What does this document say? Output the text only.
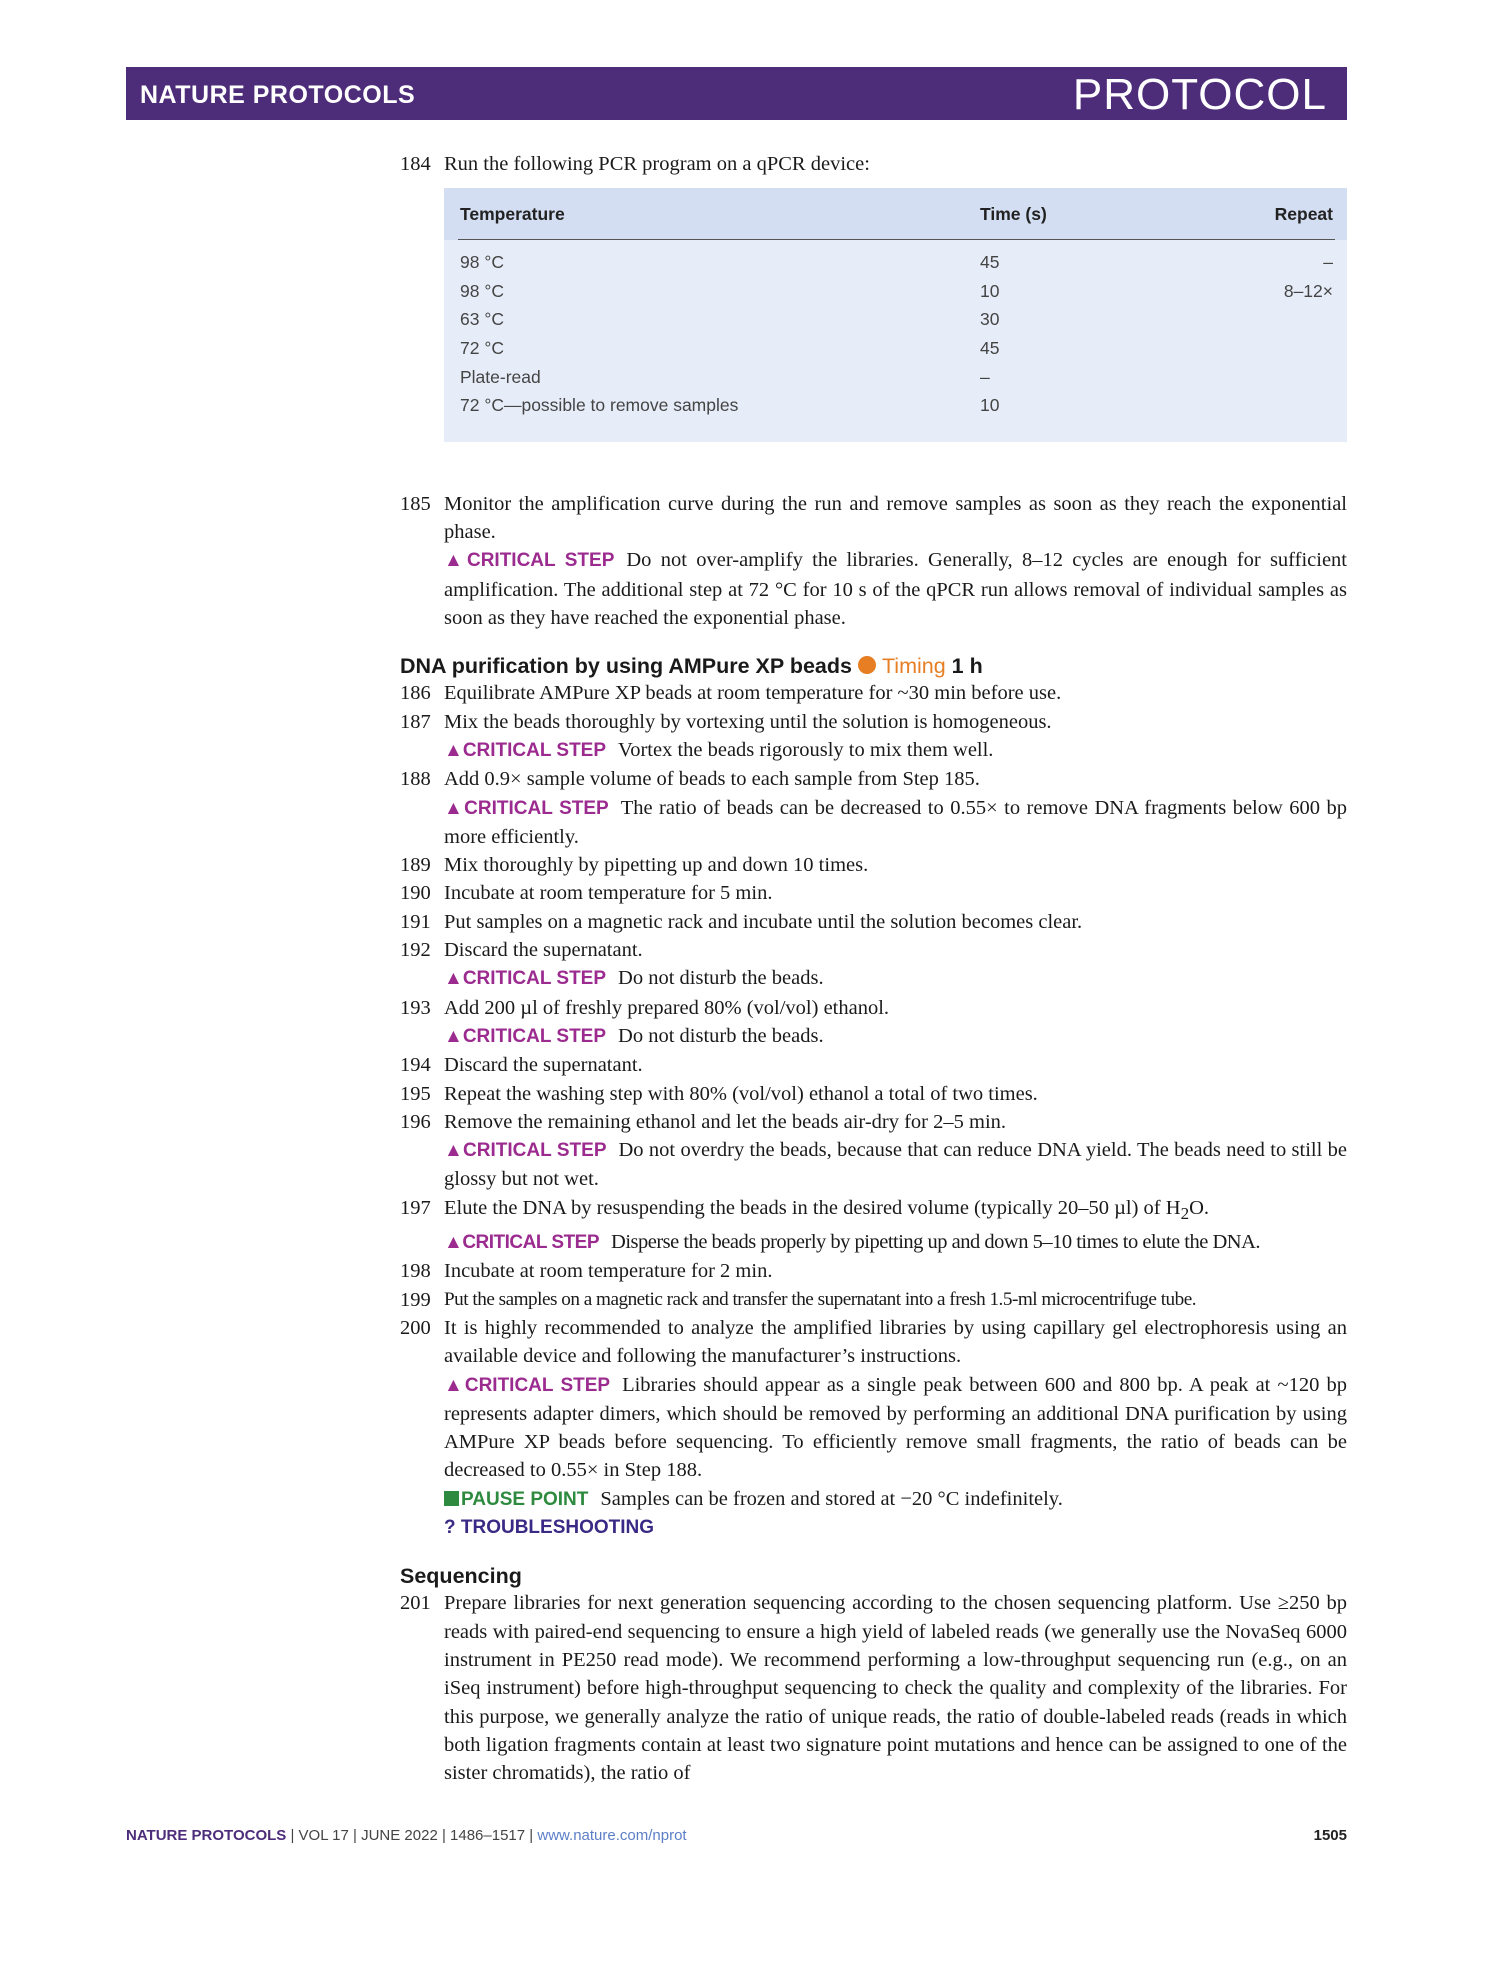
NATURE PROTOCOLS	PROTOCOL
184 Run the following PCR program on a qPCR device:
Temperature	Time (s)	Repeat
98 °C	45	–
98 °C	10	8–12×
63 °C	30
72 °C	45
Plate-read	–
72 °C—possible to remove samples	10
185 Monitor the amplification curve during the run and remove samples as soon as they reach the exponential phase.
▲CRITICAL STEP Do not over-amplify the libraries. Generally, 8–12 cycles are enough for sufficient amplification. The additional step at 72 °C for 10 s of the qPCR run allows removal of individual samples as soon as they have reached the exponential phase.
DNA purification by using AMPure XP beads Timing 1 h
186 Equilibrate AMPure XP beads at room temperature for ~30 min before use.
187 Mix the beads thoroughly by vortexing until the solution is homogeneous.
▲CRITICAL STEP Vortex the beads rigorously to mix them well.
188 Add 0.9× sample volume of beads to each sample from Step 185.
▲CRITICAL STEP The ratio of beads can be decreased to 0.55× to remove DNA fragments below 600 bp more efficiently.
189 Mix thoroughly by pipetting up and down 10 times.
190 Incubate at room temperature for 5 min.
191 Put samples on a magnetic rack and incubate until the solution becomes clear.
192 Discard the supernatant.
▲CRITICAL STEP Do not disturb the beads.
193 Add 200 µl of freshly prepared 80% (vol/vol) ethanol.
▲CRITICAL STEP Do not disturb the beads.
194 Discard the supernatant.
195 Repeat the washing step with 80% (vol/vol) ethanol a total of two times.
196 Remove the remaining ethanol and let the beads air-dry for 2–5 min.
▲CRITICAL STEP Do not overdry the beads, because that can reduce DNA yield. The beads need to still be glossy but not wet.
197 Elute the DNA by resuspending the beads in the desired volume (typically 20–50 µl) of $H_2O$.
▲CRITICAL STEP Disperse the beads properly by pipetting up and down 5–10 times to elute the DNA.
198 Incubate at room temperature for 2 min.
199 Put the samples on a magnetic rack and transfer the supernatant into a fresh 1.5-ml microcentrifuge tube.
200 It is highly recommended to analyze the amplified libraries by using capillary gel electrophoresis using an available device and following the manufacturer’s instructions.
▲CRITICAL STEP Libraries should appear as a single peak between 600 and 800 bp. A peak at ~120 bp represents adapter dimers, which should be removed by performing an additional DNA purification by using AMPure XP beads before sequencing. To efficiently remove small fragments, the ratio of beads can be decreased to 0.55× in Step 188.
PAUSE POINT Samples can be frozen and stored at −20 °C indefinitely.
? TROUBLESHOOTING
Sequencing
201 Prepare libraries for next generation sequencing according to the chosen sequencing platform. Use ≥250 bp reads with paired-end sequencing to ensure a high yield of labeled reads (we generally use the NovaSeq 6000 instrument in PE250 read mode). We recommend performing a low-throughput sequencing run (e.g., on an iSeq instrument) before high-throughput sequencing to check the quality and complexity of the libraries. For this purpose, we generally analyze the ratio of unique reads, the ratio of double-labeled reads (reads in which both ligation fragments contain at least two signature point mutations and hence can be assigned to one of the sister chromatids), the ratio of
NATURE PROTOCOLS | VOL 17 | JUNE 2022 | 1486–1517 | www.nature.com/nprot	1505
